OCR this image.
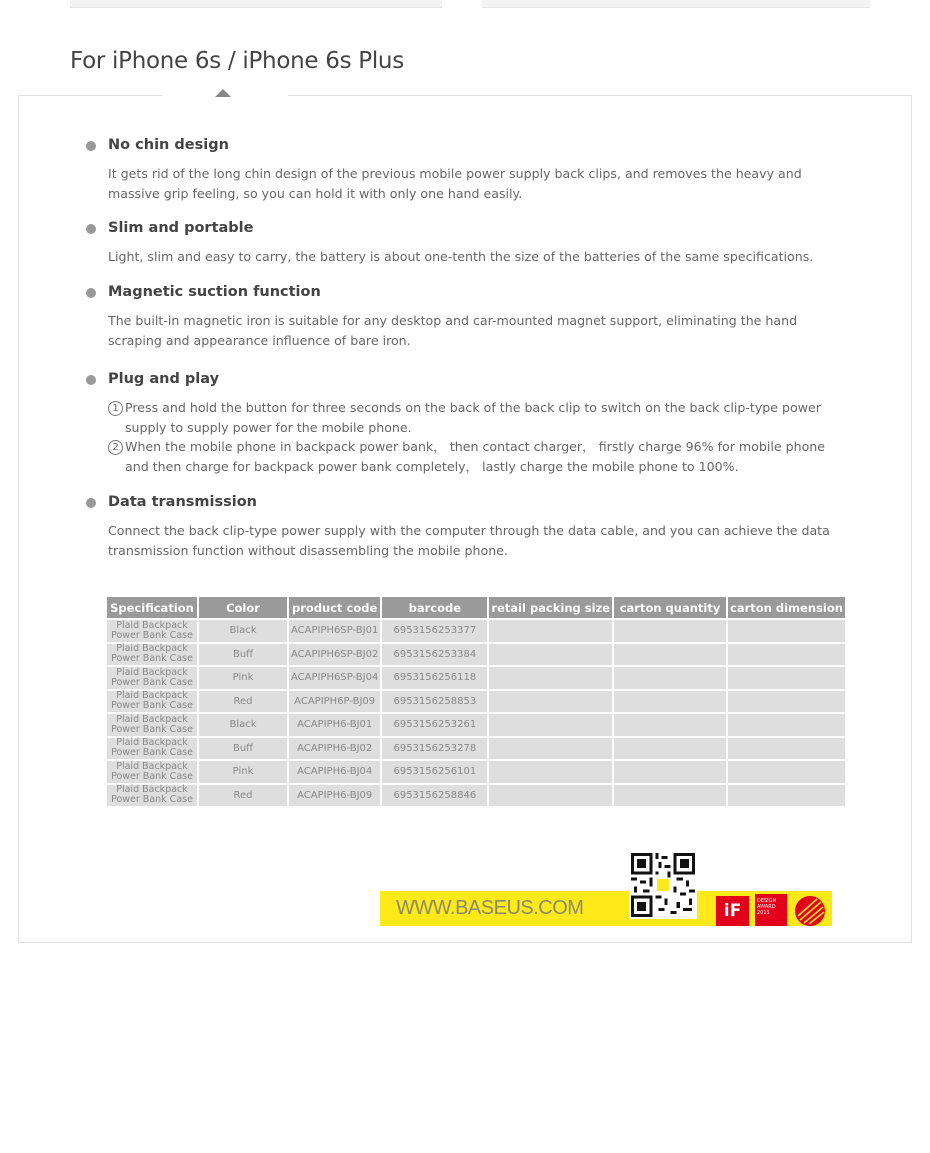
For iPhone 6s / iPhone 6s Plus
No chin design
It gets rid of the long chin design of the previous mobile power supply back clips, and removes the heavy and massive grip feeling, so you can hold it with only one hand easily.
Slim and portable
Light, slim and easy to carry, the battery is about one-tenth the size of the batteries of the same specifications.
Magnetic suction function
The built-in magnetic iron is suitable for any desktop and car-mounted magnet support, eliminating the hand scraping and appearance influence of bare iron.
Plug and play
1 Press and hold the button for three seconds on the back of the back clip to switch on the back clip-type power supply to supply power for the mobile phone.
2 When the mobile phone in backpack power bank， then contact charger， firstly charge 96% for mobile phone and then charge for backpack power bank completely， lastly charge the mobile phone to 100%.
Data transmission
Connect the back clip-type power supply with the computer through the data cable, and you can achieve the data transmission function without disassembling the mobile phone.
Specification	Color	product code	barcode	retail packing size	carton quantity	carton dimension

Plaid Backpack
Power Bank Case	Black	ACAPIPH6SP-BJ01	6953156253377			

Plaid Backpack
Power Bank Case	Buff	ACAPIPH6SP-BJ02	6953156253384			

Plaid Backpack
Power Bank Case	Pink	ACAPIPH6SP-BJ04	6953156256118			

Plaid Backpack
Power Bank Case	Red	ACAPIPH6P-BJ09	6953156258853			

Plaid Backpack
Power Bank Case	Black	ACAPIPH6-BJ01	6953156253261			

Plaid Backpack
Power Bank Case	Buff	ACAPIPH6-BJ02	6953156253278			

Plaid Backpack
Power Bank Case	Pink	ACAPIPH6-BJ04	6953156256101			

Plaid Backpack
Power Bank Case	Red	ACAPIPH6-BJ09	6953156258846			
WWW.BASEUS.COM	iF	DESIGN
AWARD
2015
